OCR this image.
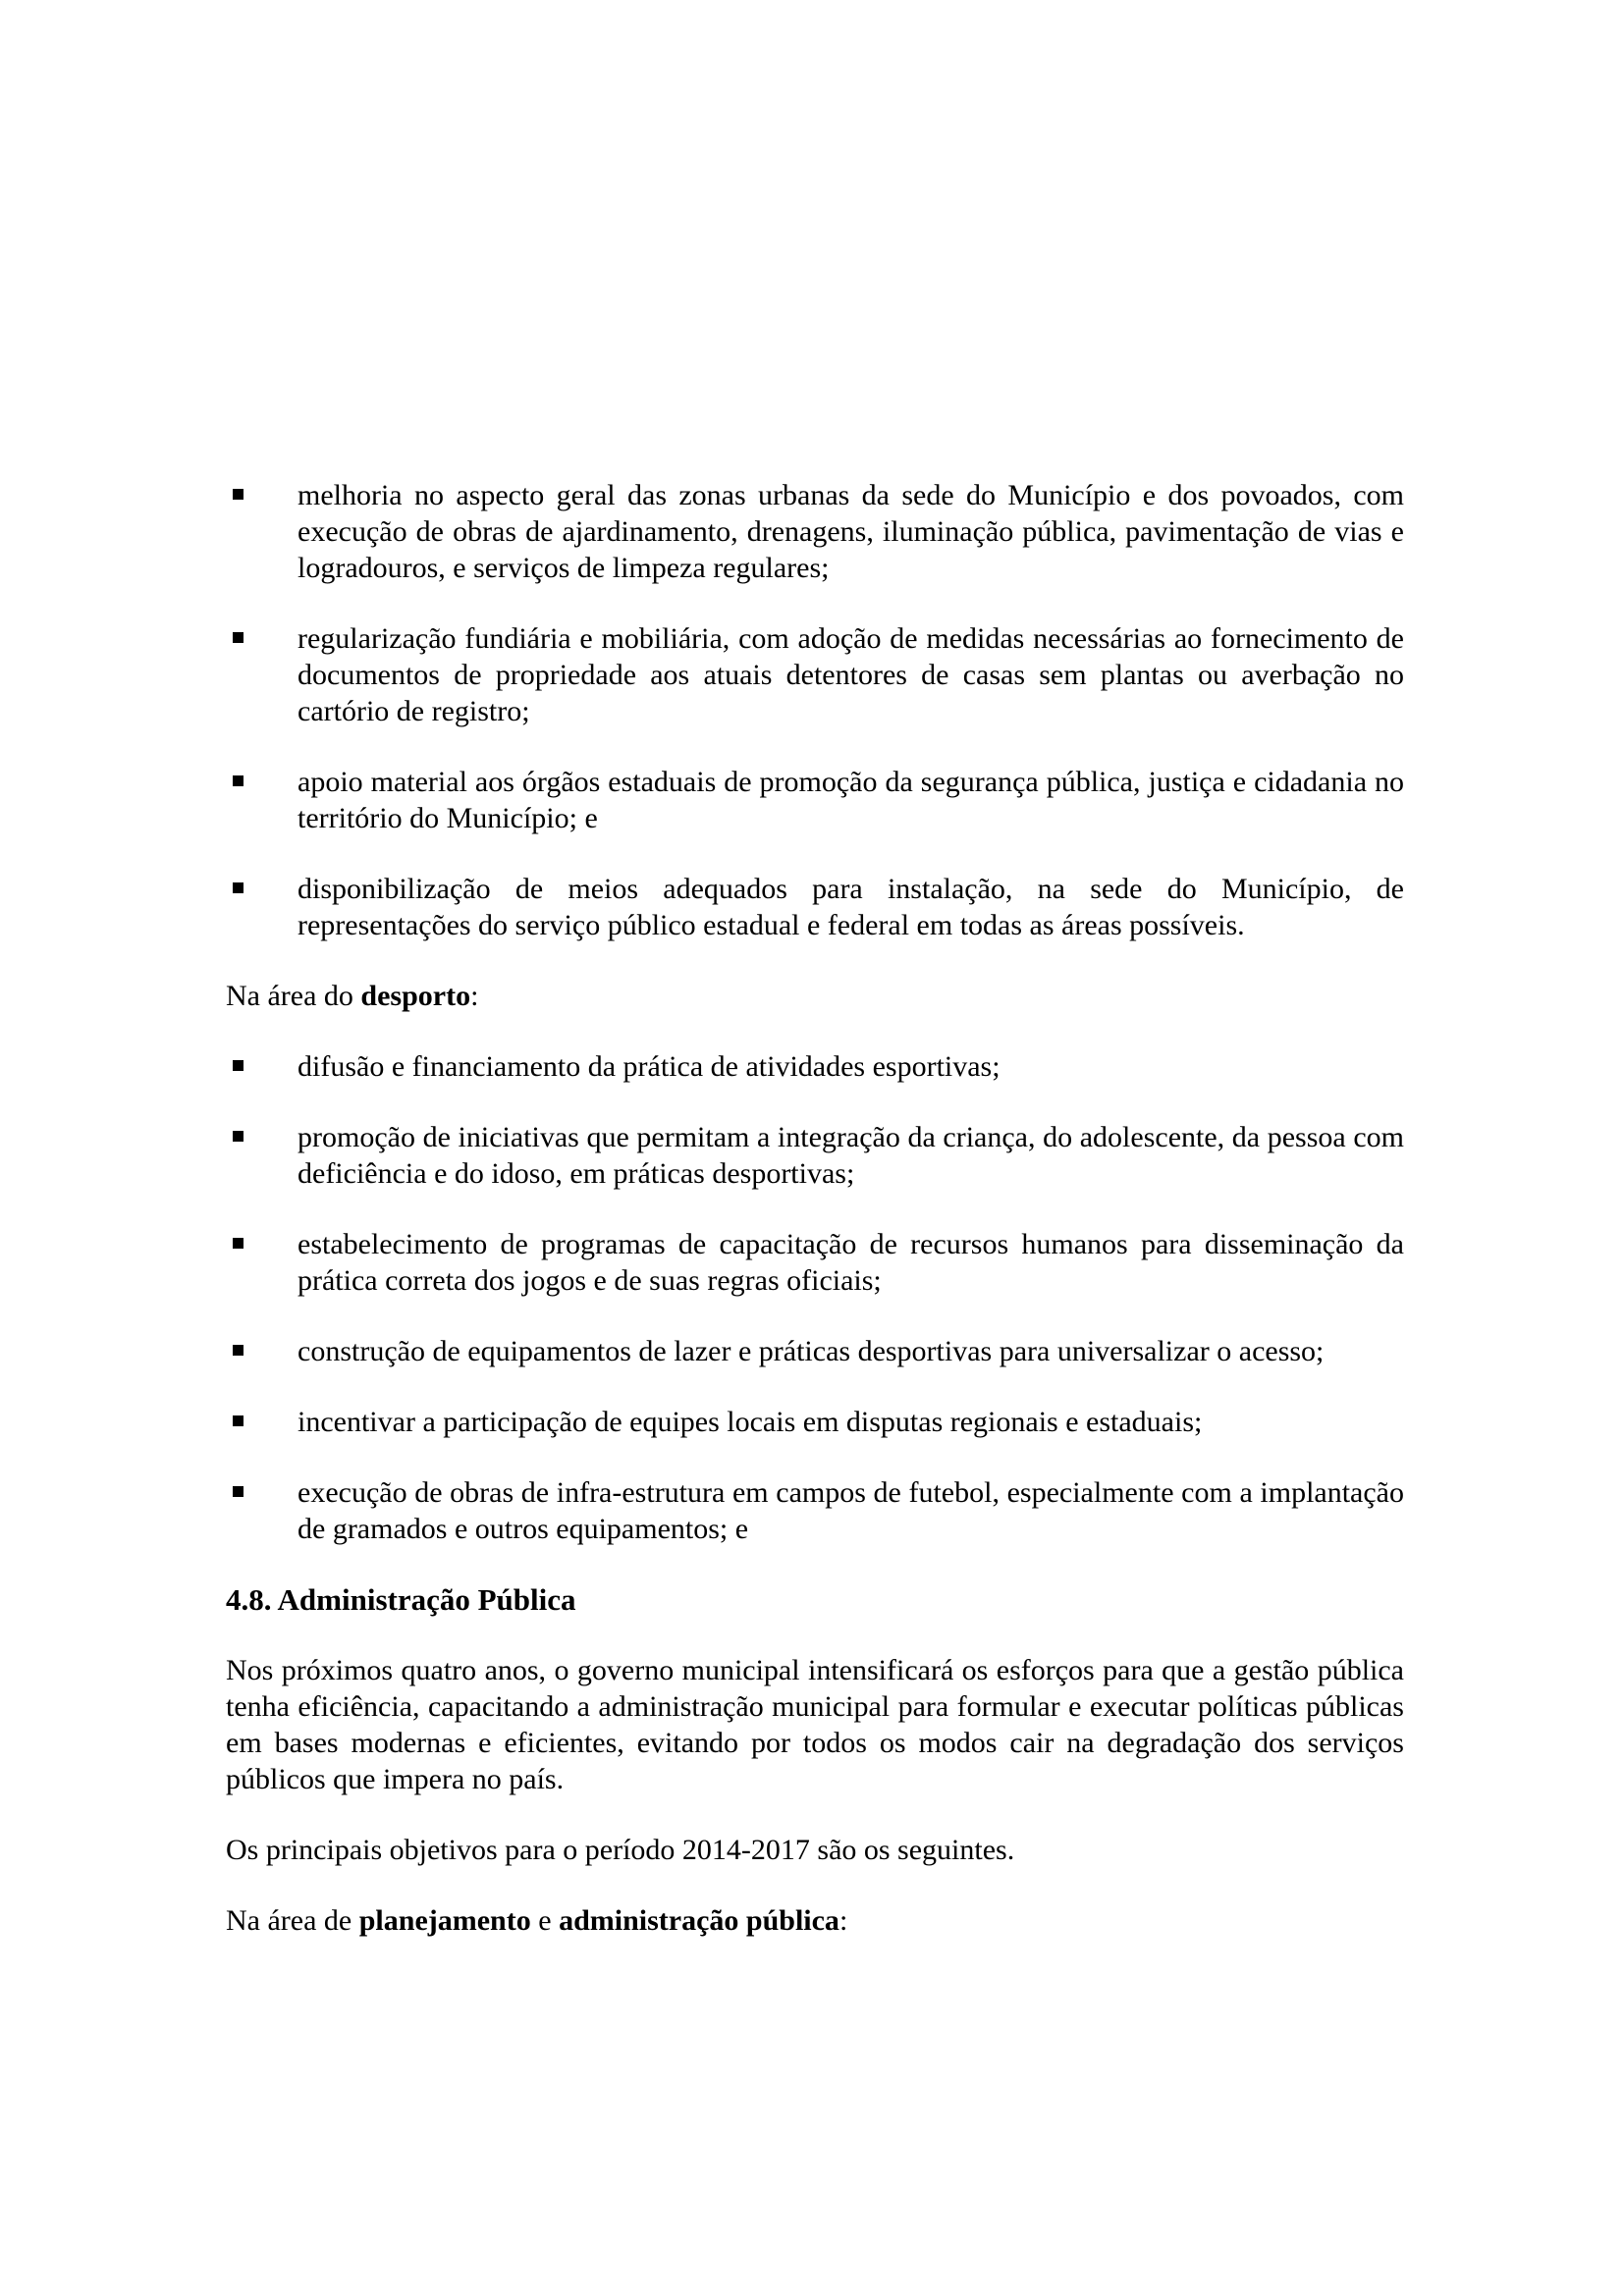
melhoria no aspecto geral das zonas urbanas da sede do Município e dos povoados, com execução de obras de ajardinamento, drenagens, iluminação pública, pavimentação de vias e logradouros, e serviços de limpeza regulares;

regularização fundiária e mobiliária, com adoção de medidas necessárias ao fornecimento de documentos de propriedade aos atuais detentores de casas sem plantas ou averbação no cartório de registro;

apoio material aos órgãos estaduais de promoção da segurança pública, justiça e cidadania no território do Município; e

disponibilização de meios adequados para instalação, na sede do Município, de representações do serviço público estadual e federal em todas as áreas possíveis.

Na área do desporto:

difusão e financiamento da prática de atividades esportivas;

promoção de iniciativas que permitam a integração da criança, do adolescente, da pessoa com deficiência e do idoso, em práticas desportivas;

estabelecimento de programas de capacitação de recursos humanos para disseminação da prática correta dos jogos e de suas regras oficiais;

construção de equipamentos de lazer e práticas desportivas para universalizar o acesso;

incentivar a participação de equipes locais em disputas regionais e estaduais;

execução de obras de infra-estrutura em campos de futebol, especialmente com a implantação de gramados e outros equipamentos; e

4.8. Administração Pública

Nos próximos quatro anos, o governo municipal intensificará os esforços para que a gestão pública tenha eficiência, capacitando a administração municipal para formular e executar políticas públicas em bases modernas e eficientes, evitando por todos os modos cair na degradação dos serviços públicos que impera no país.

Os principais objetivos para o período 2014-2017 são os seguintes.

Na área de planejamento e administração pública:
